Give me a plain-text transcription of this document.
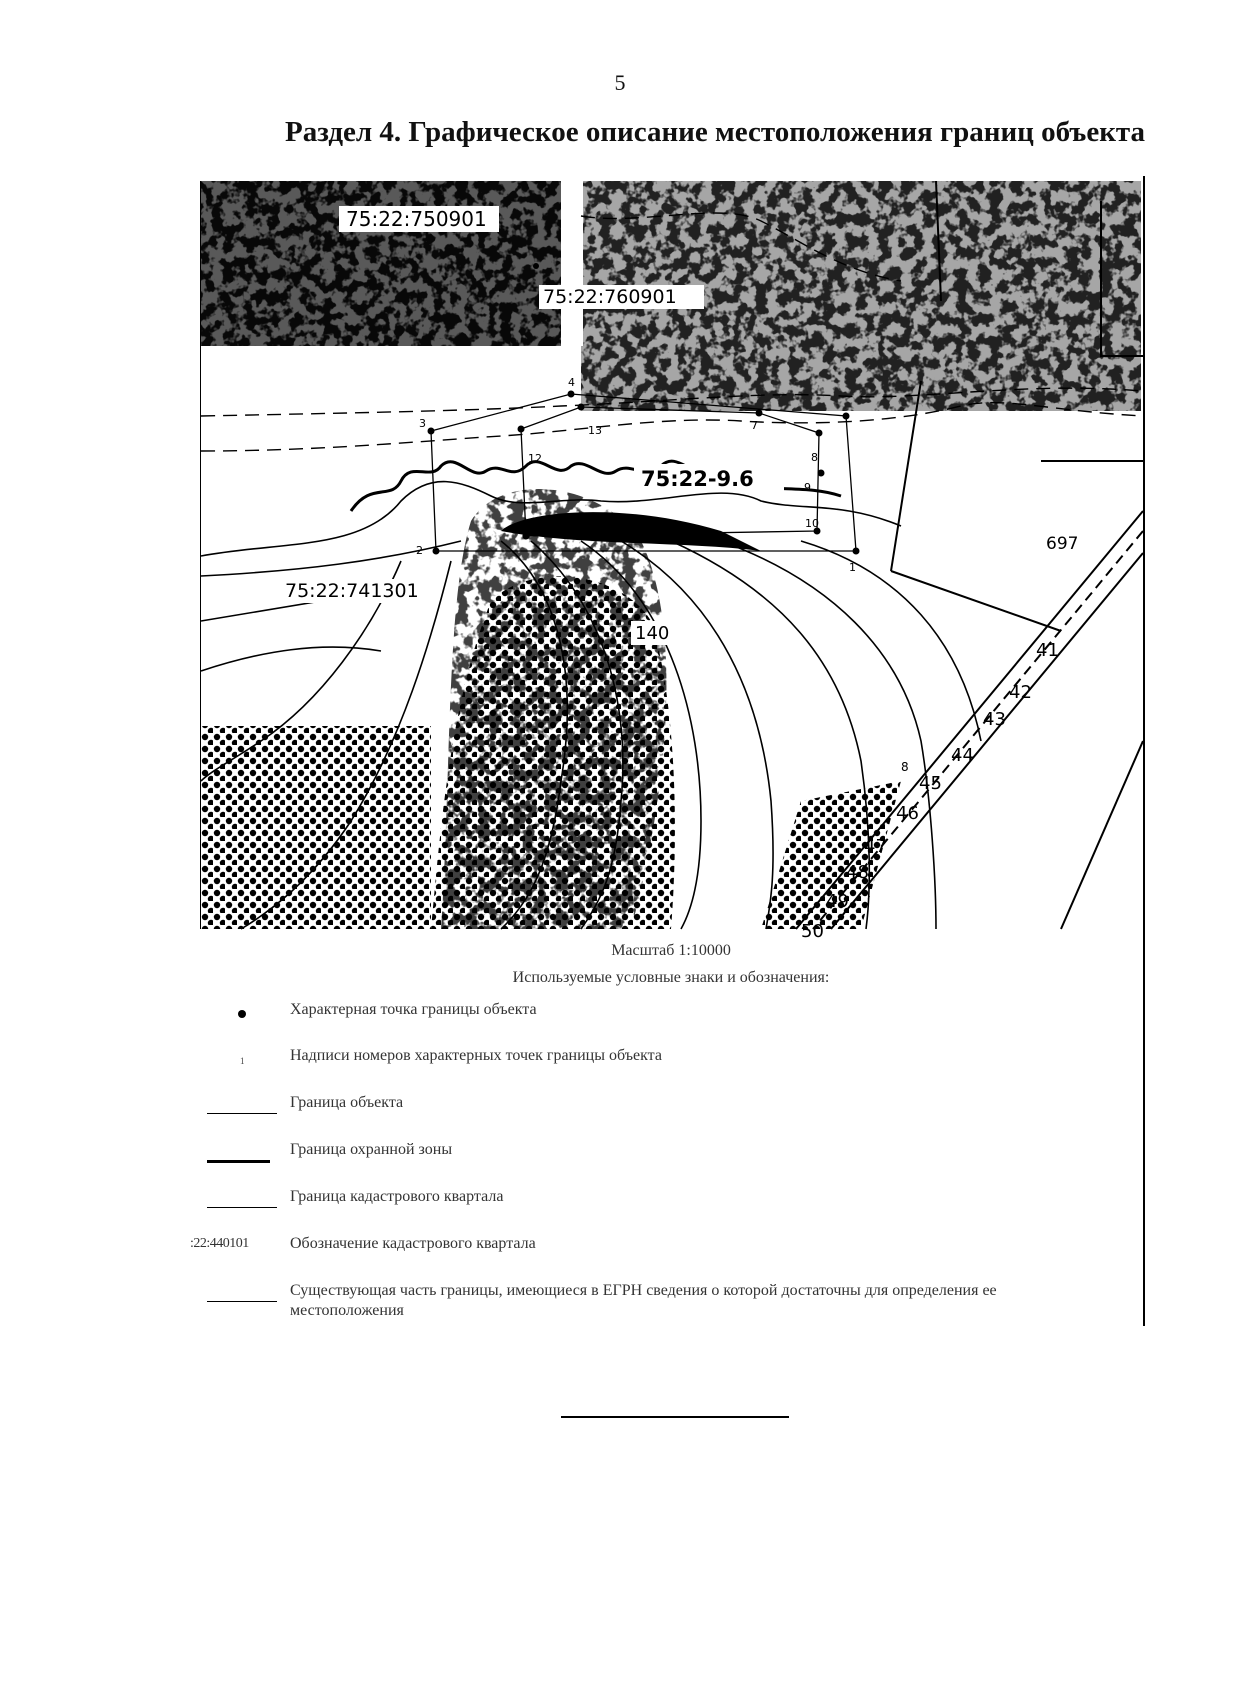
5
Раздел 4. Графическое описание местоположения границ объекта
75:22:750901
75:22:760901
75:22:741301
75:22-9.6
140
697
8
1
2
3
4
7
8
9
10
11
12
13
41
42
43
44
45
46
47
48
49
50
Масштаб 1:10000
Используемые условные знаки и обозначения:
Характерная точка границы объекта
1	Надписи номеров характерных точек границы объекта
Граница объекта
Граница охранной зоны
Граница кадастрового квартала
:22:440101	Обозначение кадастрового квартала
Существующая часть границы, имеющиеся в ЕГРН сведения о которой достаточны для определения ее местоположения
